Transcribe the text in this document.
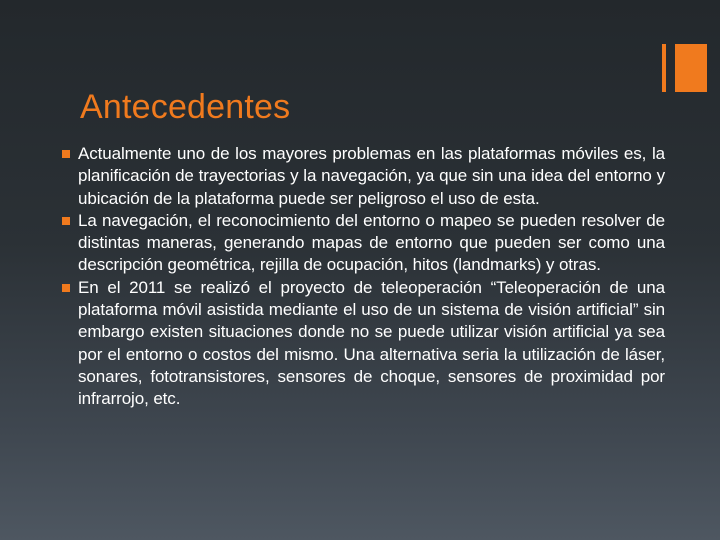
Antecedentes
Actualmente uno de los mayores problemas en las plataformas móviles es, la planificación de trayectorias y la navegación, ya que sin una idea del entorno y ubicación de la plataforma puede ser peligroso el uso de esta.
La navegación, el reconocimiento del entorno o mapeo se pueden resolver de distintas maneras, generando mapas de entorno que pueden ser como una descripción geométrica, rejilla de ocupación, hitos (landmarks) y otras.
En el 2011 se realizó el proyecto de teleoperación “Teleoperación de una plataforma móvil asistida mediante el uso de un sistema de visión artificial” sin embargo existen situaciones donde no se puede utilizar visión artificial ya sea por el entorno o costos del mismo. Una alternativa seria la utilización de láser, sonares, fototransistores, sensores de choque, sensores de proximidad por infrarrojo, etc.
